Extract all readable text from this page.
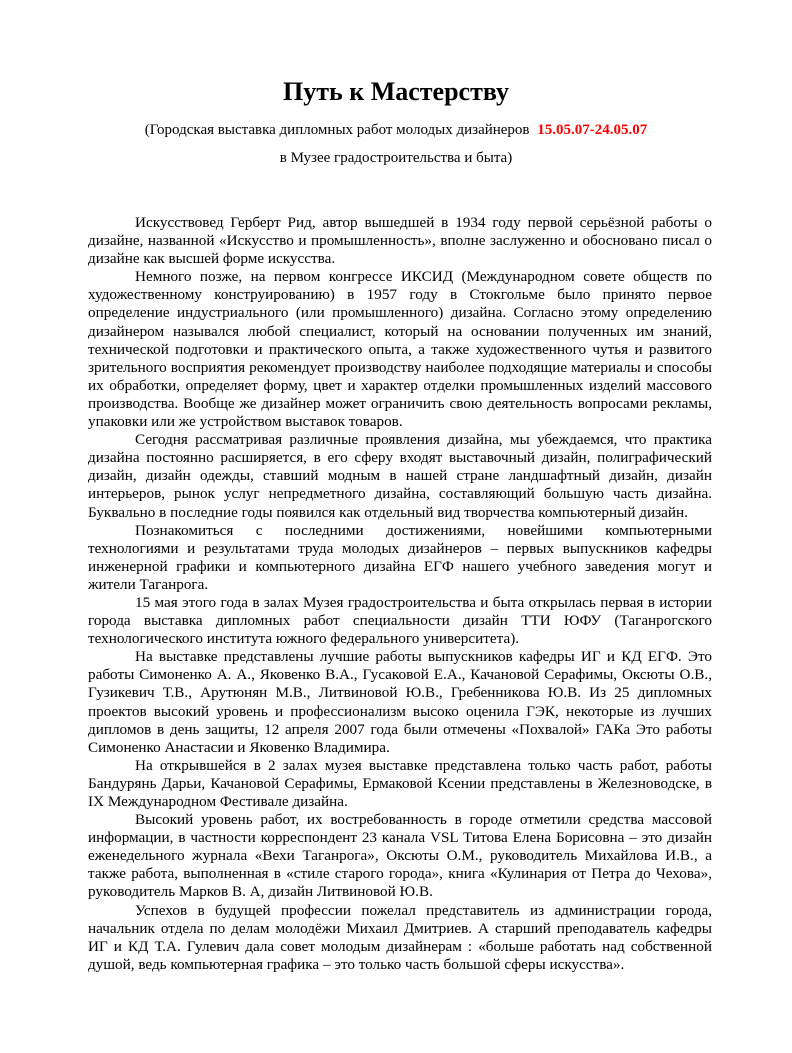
Путь к Мастерству
(Городская выставка дипломных работ молодых дизайнеров 15.05.07-24.05.07
в Музее градостроительства и быта)

Искусствовед Герберт Рид, автор вышедшей в 1934 году первой серьёзной работы о дизайне, названной «Искусство и промышленность», вполне заслуженно и обосновано писал о дизайне как высшей форме искусства.

Немного позже, на первом конгрессе ИКСИД (Международном совете обществ по художественному конструированию) в 1957 году в Стокгольме было принято первое определение индустриального (или промышленного) дизайна. Согласно этому определению дизайнером назывался любой специалист, который на основании полученных им знаний, технической подготовки и практического опыта, а также художественного чутья и развитого зрительного восприятия рекомендует производству наиболее подходящие материалы и способы их обработки, определяет форму, цвет и характер отделки промышленных изделий массового производства. Вообще же дизайнер может ограничить свою деятельность вопросами рекламы, упаковки или же устройством выставок товаров.

Сегодня рассматривая различные проявления дизайна, мы убеждаемся, что практика дизайна постоянно расширяется, в его сферу входят выставочный дизайн, полиграфический дизайн, дизайн одежды, ставший модным в нашей стране ландшафтный дизайн, дизайн интерьеров, рынок услуг непредметного дизайна, составляющий большую часть дизайна. Буквально в последние годы появился как отдельный вид творчества компьютерный дизайн.

Познакомиться с последними достижениями, новейшими компьютерными технологиями и результатами труда молодых дизайнеров – первых выпускников кафедры инженерной графики и компьютерного дизайна ЕГФ нашего учебного заведения могут и жители Таганрога.

15 мая этого года в залах Музея градостроительства и быта открылась первая в истории города выставка дипломных работ специальности дизайн ТТИ ЮФУ (Таганрогского технологического института южного федерального университета).

На выставке представлены лучшие работы выпускников кафедры ИГ и КД ЕГФ. Это работы Симоненко А. А., Яковенко В.А., Гусаковой Е.А., Качановой Серафимы, Оксюты О.В., Гузикевич Т.В., Арутюнян М.В., Литвиновой Ю.В., Гребенникова Ю.В. Из 25 дипломных проектов высокий уровень и профессионализм высоко оценила ГЭК, некоторые из лучших дипломов в день защиты, 12 апреля 2007 года были отмечены «Похвалой» ГАКа Это работы Симоненко Анастасии и Яковенко Владимира.

На открывшейся в 2 залах музея выставке представлена только часть работ, работы Бандурянь Дарьи, Качановой Серафимы, Ермаковой Ксении представлены в Железноводске, в IX Международном Фестивале дизайна.

Высокий уровень работ, их востребованность в городе отметили средства массовой информации, в частности корреспондент 23 канала VSL Титова Елена Борисовна – это дизайн еженедельного журнала «Вехи Таганрога», Оксюты О.М., руководитель Михайлова И.В., а также работа, выполненная в «стиле старого города», книга «Кулинария от Петра до Чехова», руководитель Марков В. А, дизайн Литвиновой Ю.В.

Успехов в будущей профессии пожелал представитель из администрации города, начальник отдела по делам молодёжи Михаил Дмитриев. А старший преподаватель кафедры ИГ и КД Т.А. Гулевич дала совет молодым дизайнерам : «больше работать над собственной душой, ведь компьютерная графика – это только часть большой сферы искусства».
